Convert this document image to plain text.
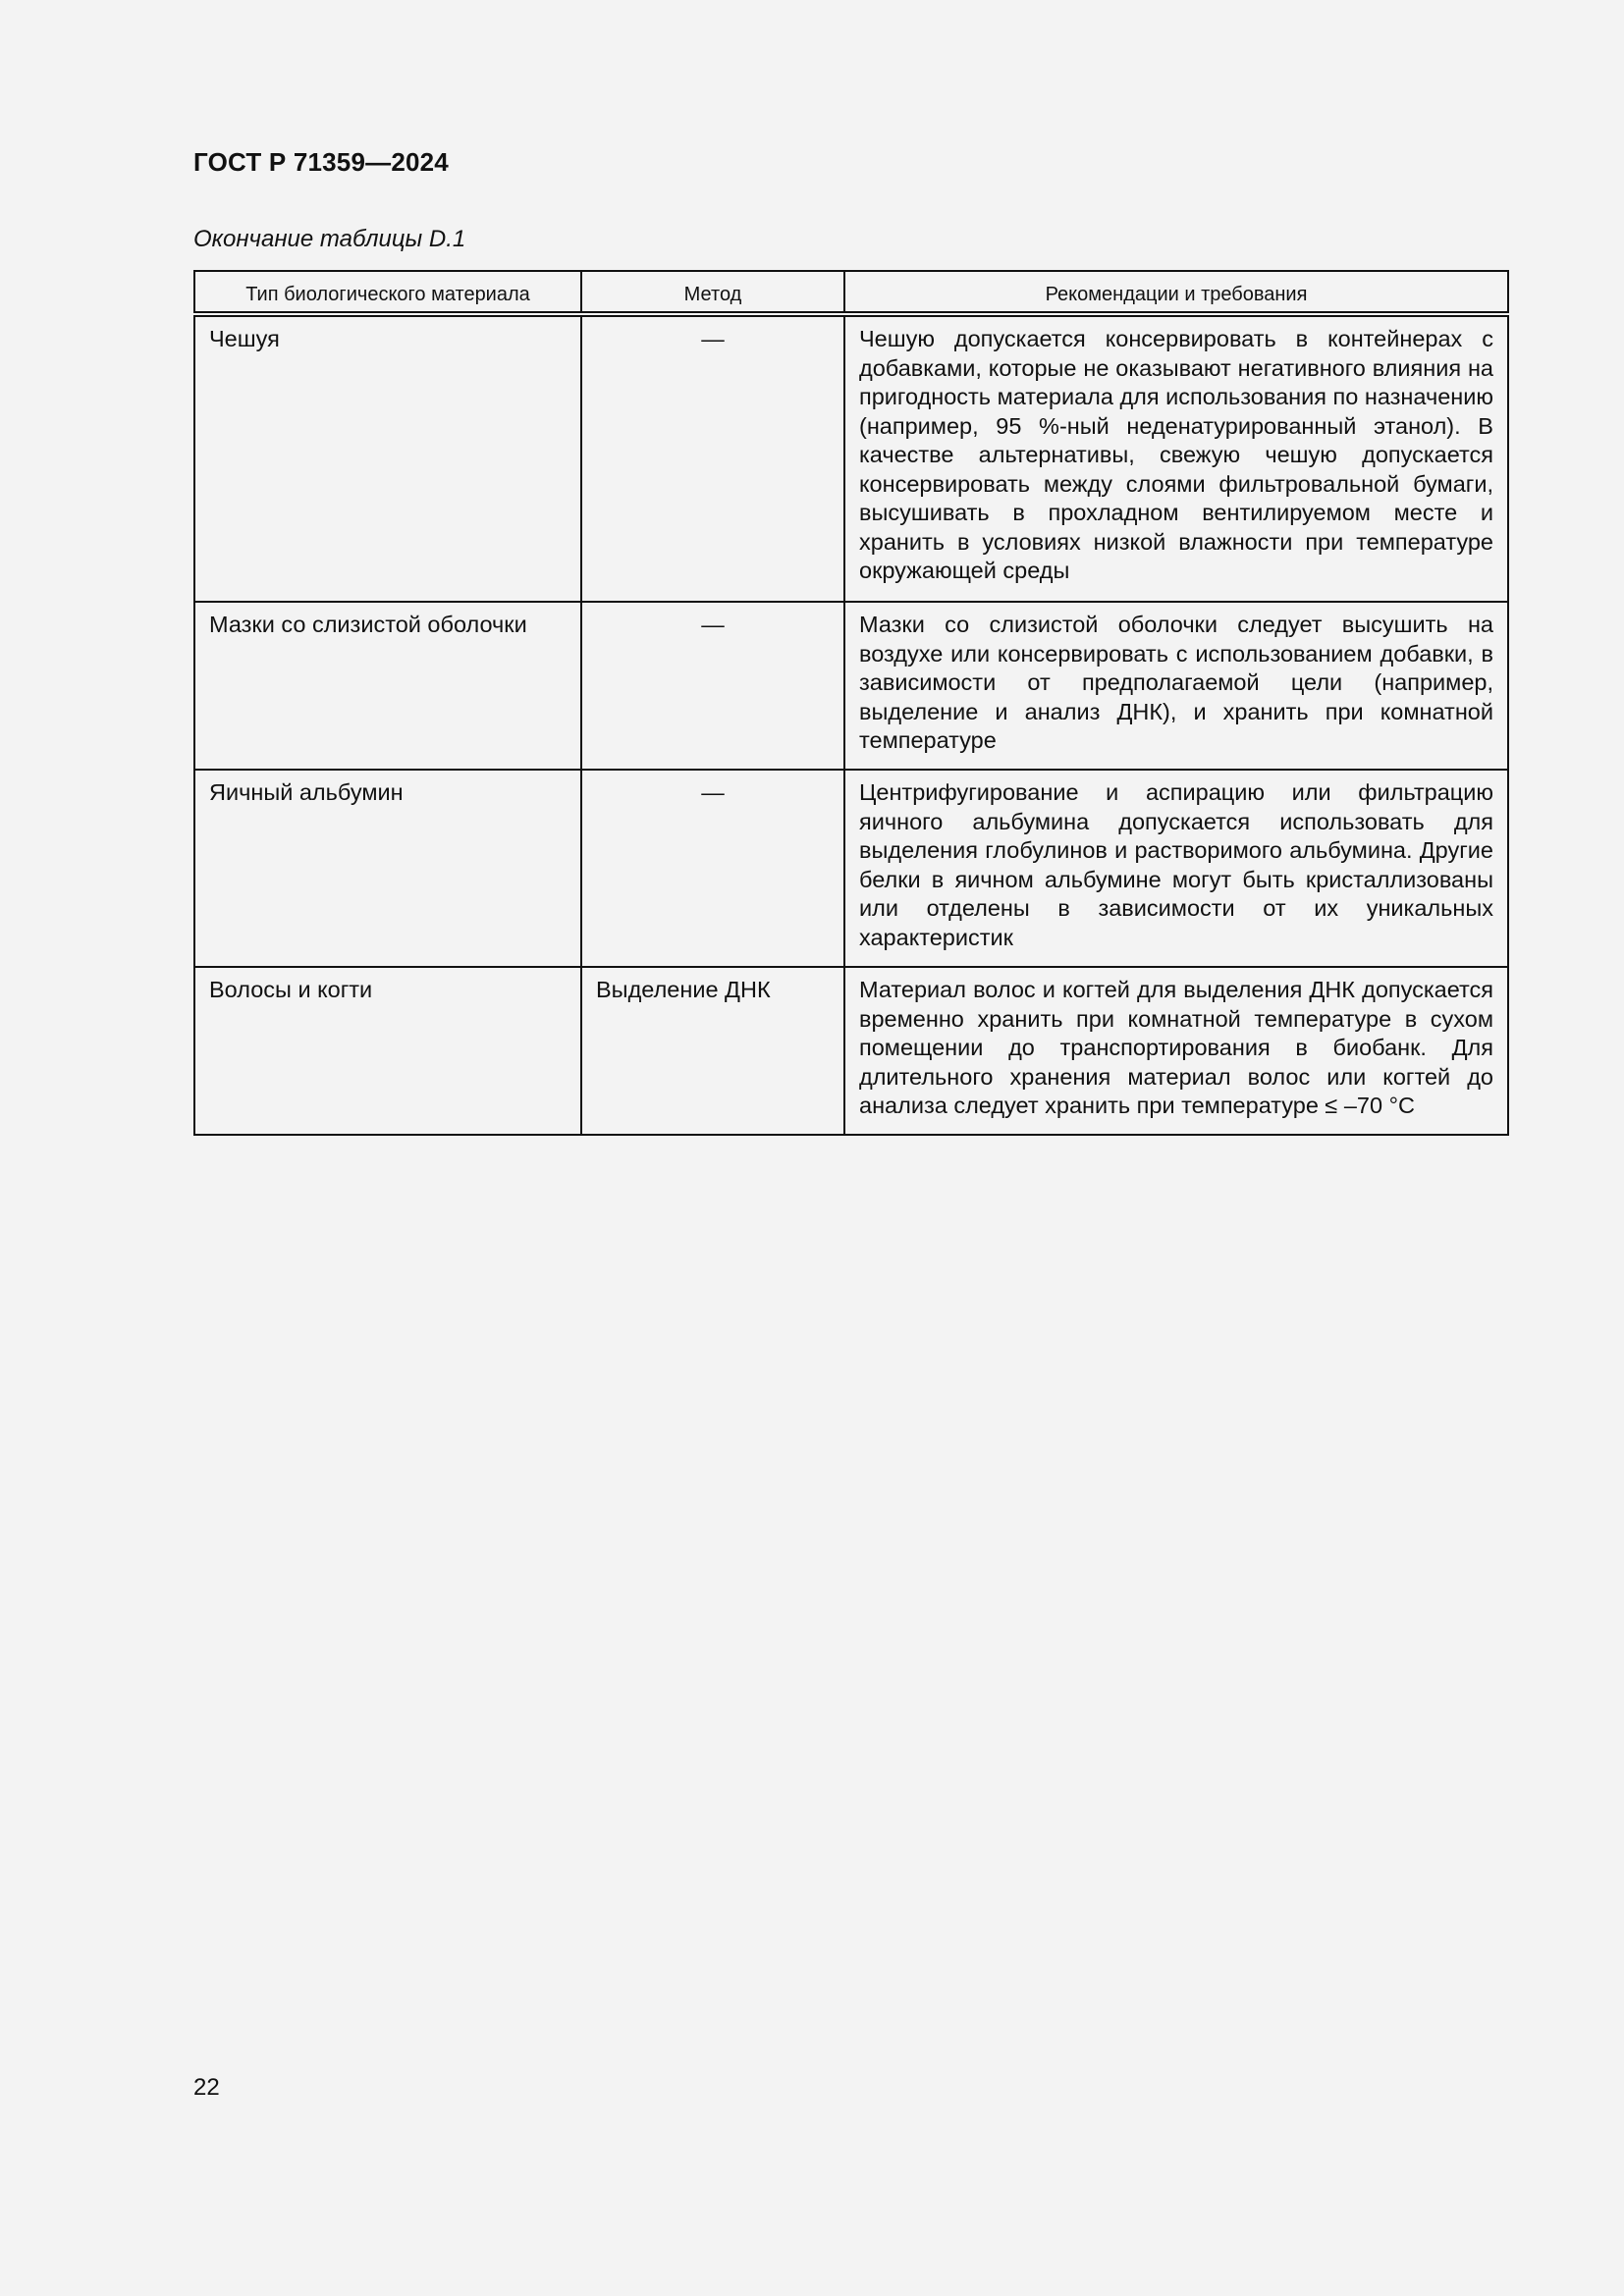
ГОСТ Р 71359—2024
Окончание таблицы D.1
Тип биологического материала	Метод	Рекомендации и требования
Чешуя	—	Чешую допускается консервировать в контейнерах с добавками, которые не оказывают негативного влияния на пригодность материала для использования по назначению (например, 95 %-ный неденатурированный этанол). В качестве альтернативы, свежую чешую допускается консервировать между слоями фильтровальной бумаги, высушивать в прохладном вентилируемом месте и хранить в условиях низкой влажности при температуре окружающей среды
Мазки со слизистой оболочки	—	Мазки со слизистой оболочки следует высушить на воздухе или консервировать с использованием добавки, в зависимости от предполагаемой цели (например, выделение и анализ ДНК), и хранить при комнатной температуре
Яичный альбумин	—	Центрифугирование и аспирацию или фильтрацию яичного альбумина допускается использовать для выделения глобулинов и растворимого альбумина. Другие белки в яичном альбумине могут быть кристаллизованы или отделены в зависимости от их уникальных характеристик
Волосы и когти	Выделение ДНК	Материал волос и когтей для выделения ДНК допускается временно хранить при комнатной температуре в сухом помещении до транспортирования в биобанк. Для длительного хранения материал волос или когтей до анализа следует хранить при температуре ≤ –70 °С
22
